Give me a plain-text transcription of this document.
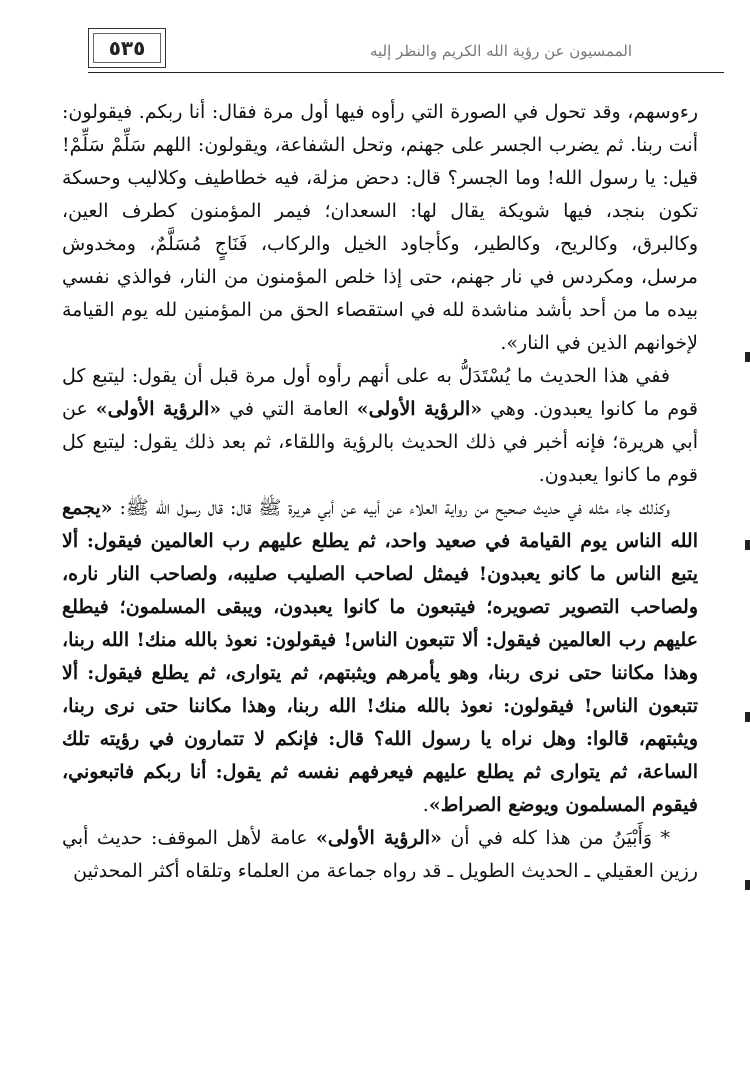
٥٣٥	الممسيون عن رؤية الله الكريم والنظر إليه

رءوسهم، وقد تحول في الصورة التي رأوه فيها أول مرة فقال: أنا ربكم. فيقولون: أنت ربنا. ثم يضرب الجسر على جهنم، وتحل الشفاعة، ويقولون: اللهم سَلِّمْ سَلِّمْ! قيل: يا رسول الله! وما الجسر؟ قال: دحض مزلة، فيه خطاطيف وكلاليب وحسكة تكون بنجد، فيها شويكة يقال لها: السعدان؛ فيمر المؤمنون كطرف العين، وكالبرق، وكالريح، وكالطير، وكأجاود الخيل والركاب، فَنَاجٍ مُسَلَّمٌ، ومخدوش مرسل، ومكردس في نار جهنم، حتى إذا خلص المؤمنون من النار، فوالذي نفسي بيده ما من أحد بأشد مناشدة لله في استقصاء الحق من المؤمنين لله يوم القيامة لإخوانهم الذين في النار».

ففي هذا الحديث ما يُسْتَدَلُّ به على أنهم رأوه أول مرة قبل أن يقول: ليتبع كل قوم ما كانوا يعبدون. وهي «الرؤية الأولى» العامة التي في «الرؤية الأولى» عن أبي هريرة؛ فإنه أخبر في ذلك الحديث بالرؤية واللقاء، ثم بعد ذلك يقول: ليتبع كل قوم ما كانوا يعبدون.

وكذلك جاء مثله في حديث صحيح من رواية العلاء عن أبيه عن أبي هريرة ﷺ قال: قال رسول الله ﷺ: «يجمع الله الناس يوم القيامة في صعيد واحد، ثم يطلع عليهم رب العالمين فيقول: ألا يتبع الناس ما كانو يعبدون! فيمثل لصاحب الصليب صليبه، ولصاحب النار ناره، ولصاحب التصوير تصويره؛ فيتبعون ما كانوا يعبدون، ويبقى المسلمون؛ فيطلع عليهم رب العالمين فيقول: ألا تتبعون الناس! فيقولون: نعوذ بالله منك! الله ربنا، وهذا مكاننا حتى نرى ربنا، وهو يأمرهم ويثبتهم، ثم يتوارى، ثم يطلع فيقول: ألا تتبعون الناس! فيقولون: نعوذ بالله منك! الله ربنا، وهذا مكاننا حتى نرى ربنا، ويثبتهم، قالوا: وهل نراه يا رسول الله؟ قال: فإنكم لا تتمارون في رؤيته تلك الساعة، ثم يتوارى ثم يطلع عليهم فيعرفهم نفسه ثم يقول: أنا ربكم فاتبعوني، فيقوم المسلمون ويوضع الصراط».

* وَأَبْيَنُ من هذا كله في أن «الرؤية الأولى» عامة لأهل الموقف: حديث أبي رزين العقيلي ـ الحديث الطويل ـ قد رواه جماعة من العلماء وتلقاه أكثر المحدثين
